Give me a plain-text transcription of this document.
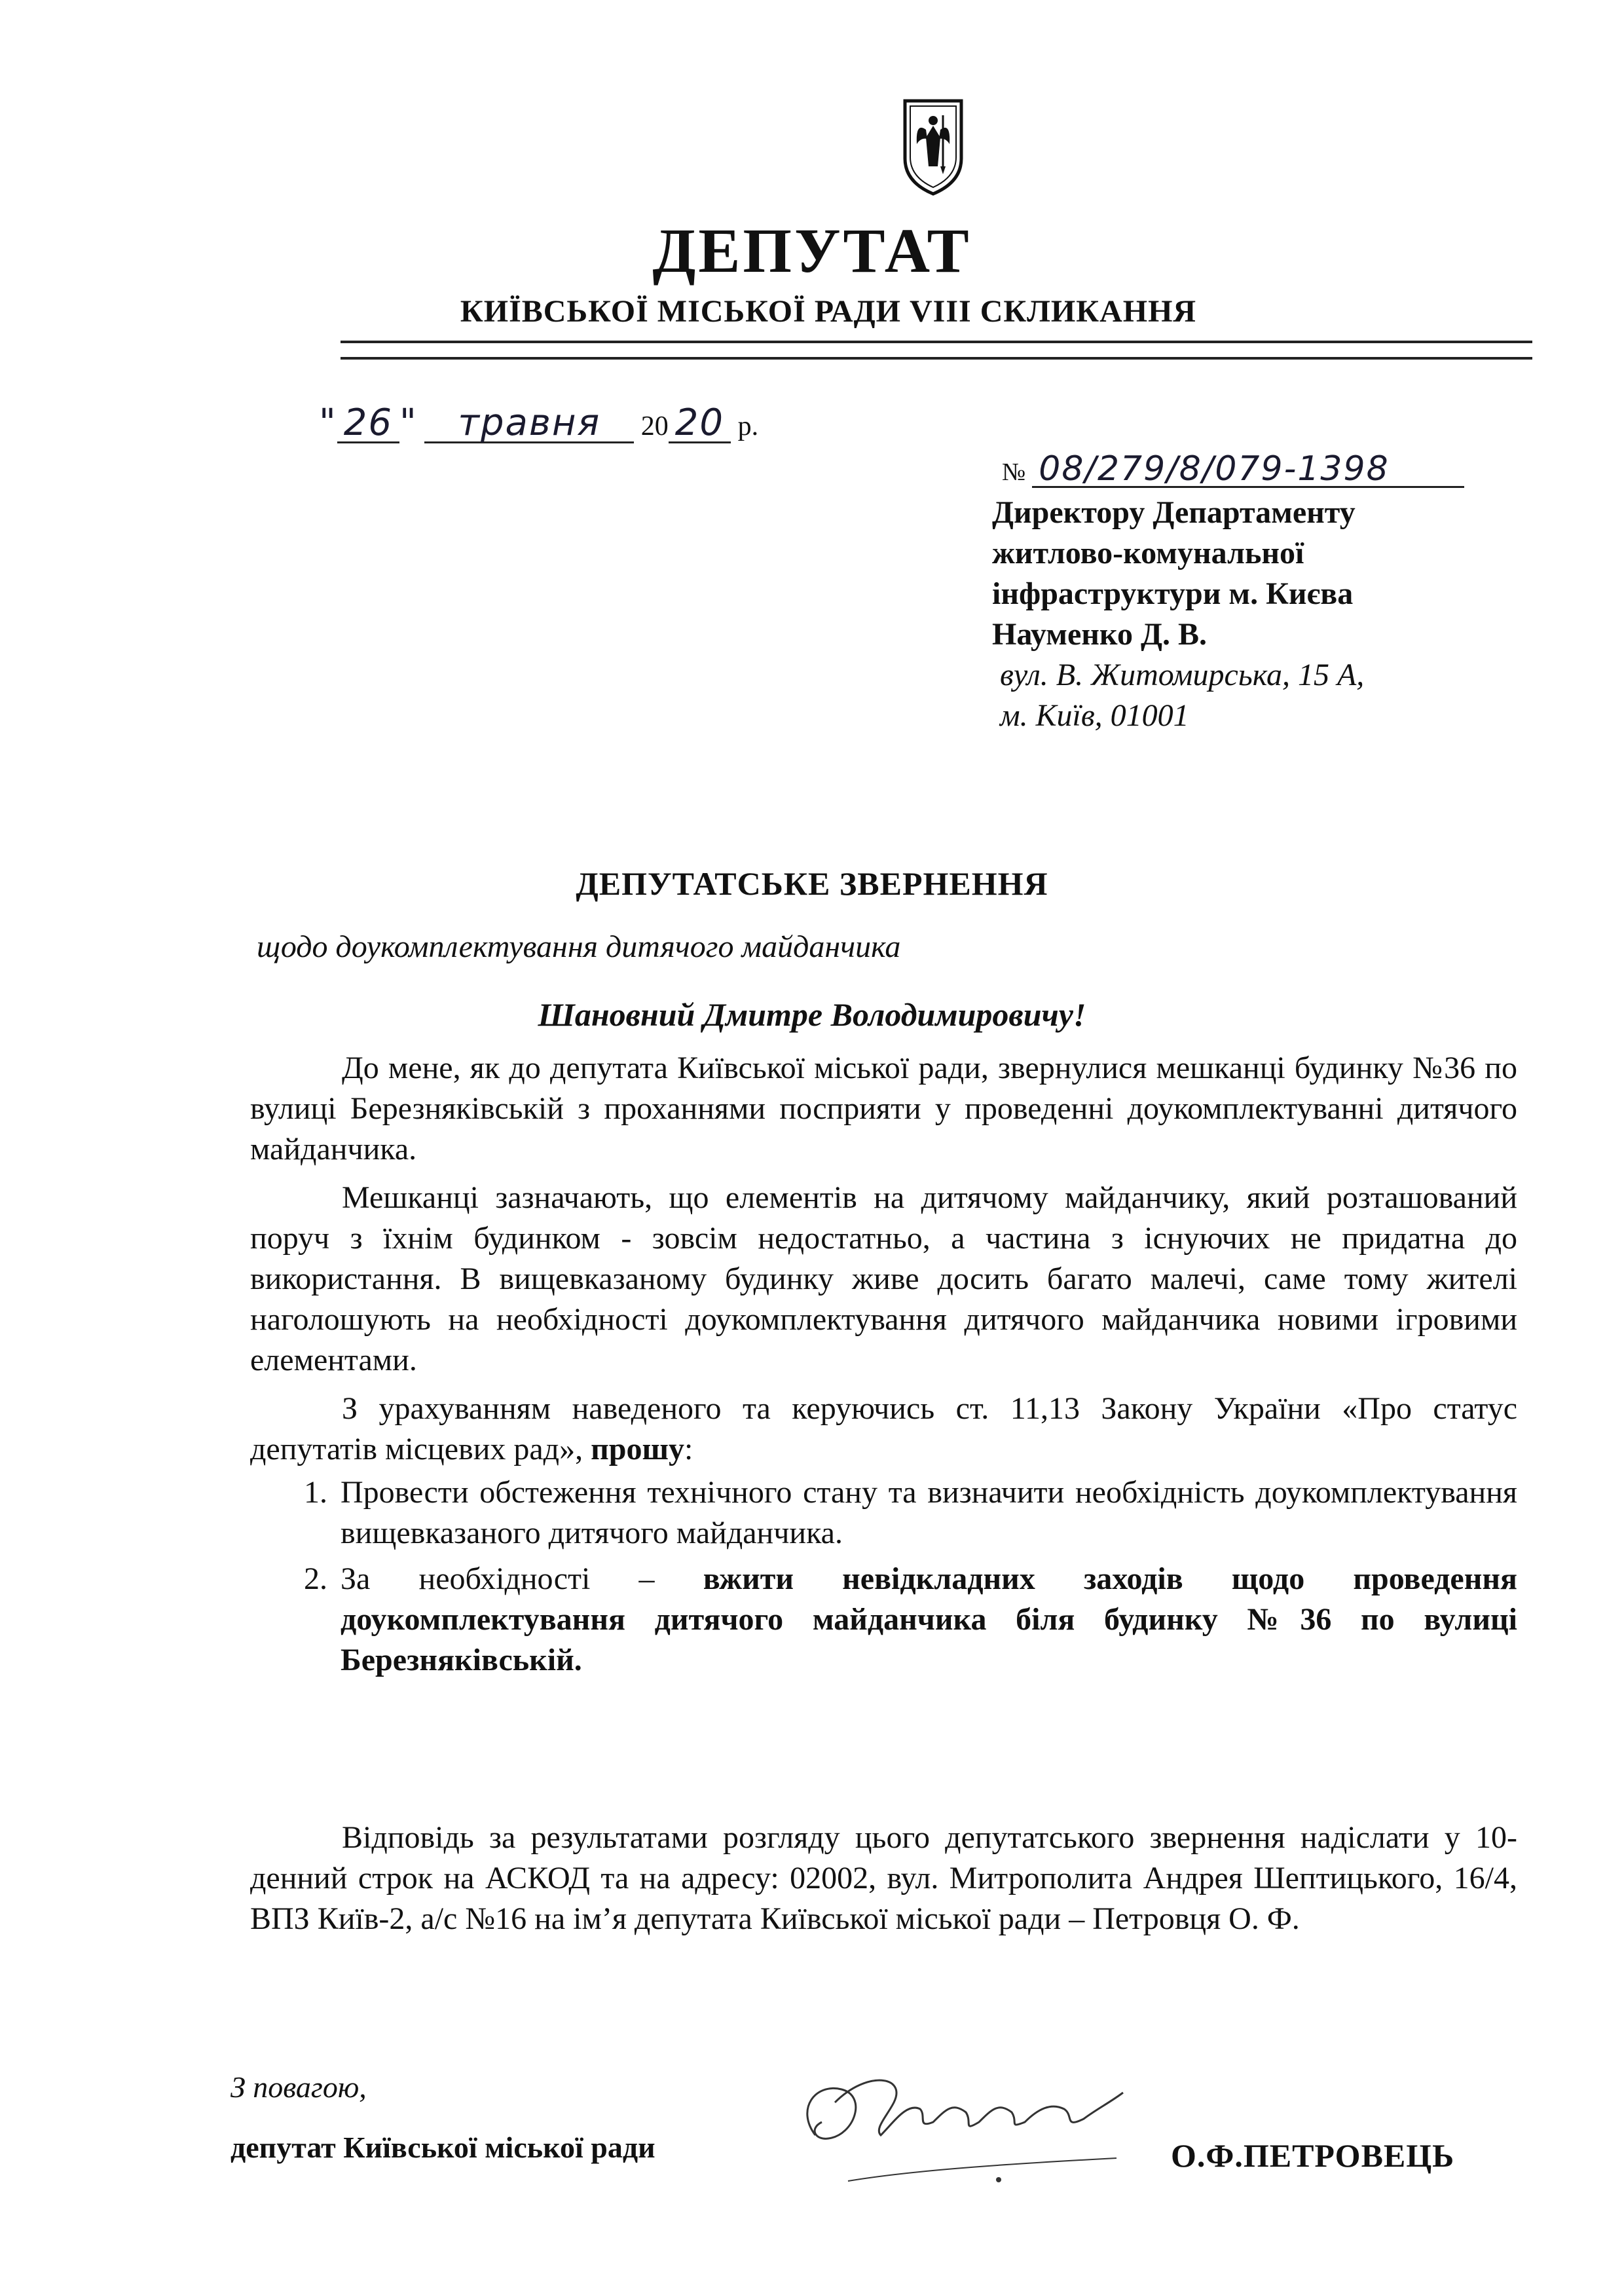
ДЕПУТАТ
КИЇВСЬКОЇ МІСЬКОЇ РАДИ VIII СКЛИКАННЯ
" 26 " травня 20 20 р.
№ 08/279/8/079-1398
Директору Департаменту
житлово-комунальної
інфраструктури м. Києва
Науменко Д. В.
вул. В. Житомирська, 15 А,
м. Київ, 01001
ДЕПУТАТСЬКЕ ЗВЕРНЕННЯ
щодо доукомплектування дитячого майданчика
Шановний Дмитре Володимировичу!

До мене, як до депутата Київської міської ради, звернулися мешканці будинку №36 по вулиці Березняківській з проханнями посприяти у проведенні доукомплектуванні дитячого майданчика.

Мешканці зазначають, що елементів на дитячому майданчику, який розташований поруч з їхнім будинком - зовсім недостатньо, а частина з існуючих не придатна до використання. В вищевказаному будинку живе досить багато малечі, саме тому жителі наголошують на необхідності доукомплектування дитячого майданчика новими ігровими елементами.

З урахуванням наведеного та керуючись ст. 11,13 Закону України «Про статус депутатів місцевих рад», прошу:

1. Провести обстеження технічного стану та визначити необхідність доукомплектування вищевказаного дитячого майданчика.
2. За необхідності – вжити невідкладних заходів щодо проведення доукомплектування дитячого майданчика біля будинку №36 по вулиці Березняківській.
Відповідь за результатами розгляду цього депутатського звернення надіслати у 10-денний строк на АСКОД та на адресу: 02002, вул. Митрополита Андрея Шептицького, 16/4, ВПЗ Київ-2, а/с №16 на ім’я депутата Київської міської ради – Петровця О. Ф.
З повагою,
депутат Київської міської ради	О.Ф.ПЕТРОВЕЦЬ
